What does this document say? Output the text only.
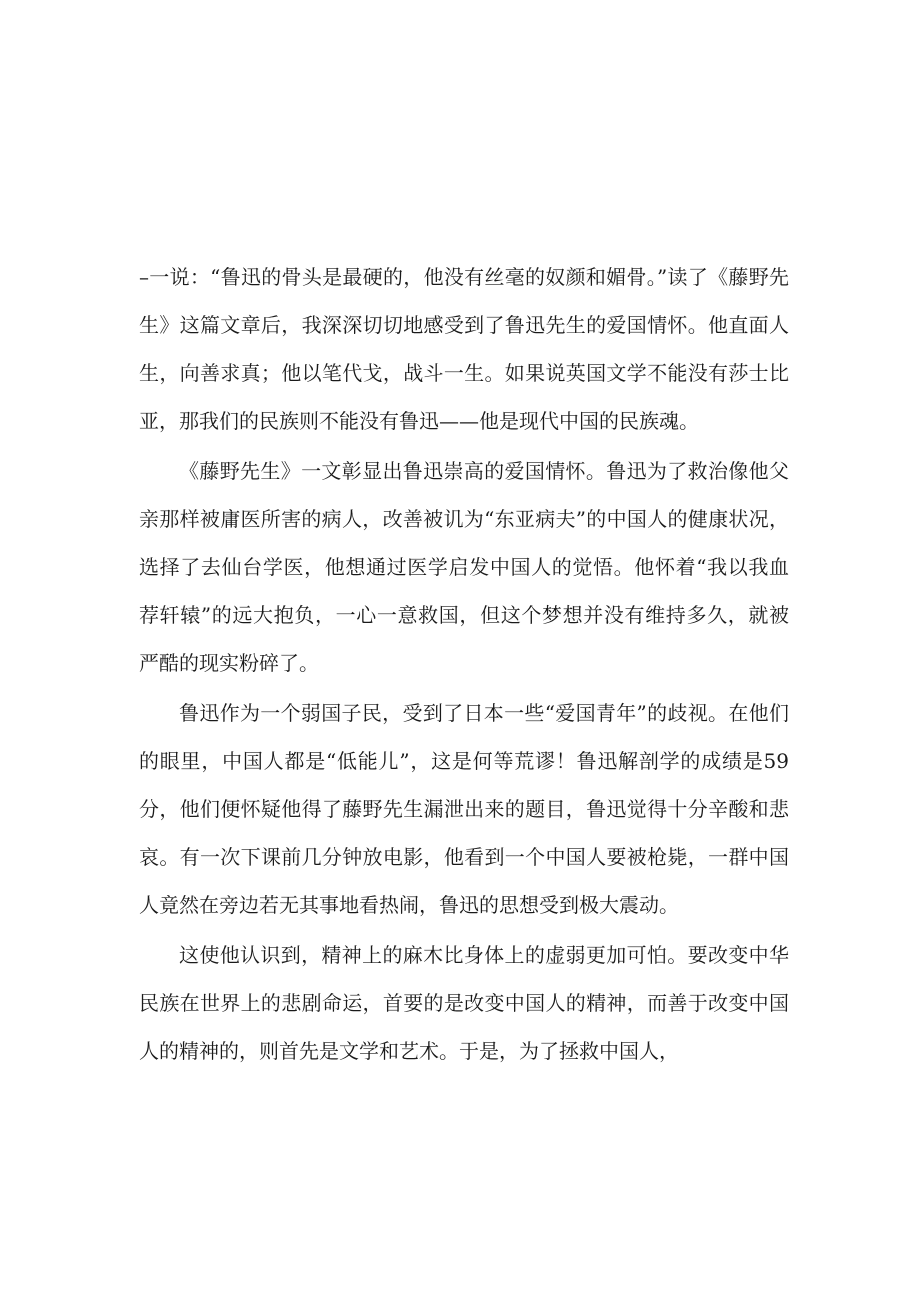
–一说：“鲁迅的骨头是最硬的，他没有丝毫的奴颜和媚骨。”读了《藤野先生》这篇文章后，我深深切切地感受到了鲁迅先生的爱国情怀。他直面人生，向善求真；他以笔代戈，战斗一生。如果说英国文学不能没有莎士比亚，那我们的民族则不能没有鲁迅——他是现代中国的民族魂。

《藤野先生》一文彰显出鲁迅崇高的爱国情怀。鲁迅为了救治像他父亲那样被庸医所害的病人，改善被讥为“东亚病夫”的中国人的健康状况，选择了去仙台学医，他想通过医学启发中国人的觉悟。他怀着“我以我血荐轩辕”的远大抱负，一心一意救国，但这个梦想并没有维持多久，就被严酷的现实粉碎了。

鲁迅作为一个弱国子民，受到了日本一些“爱国青年”的歧视。在他们的眼里，中国人都是“低能儿”，这是何等荒谬！鲁迅解剖学的成绩是59分，他们便怀疑他得了藤野先生漏泄出来的题目，鲁迅觉得十分辛酸和悲哀。有一次下课前几分钟放电影，他看到一个中国人要被枪毙，一群中国人竟然在旁边若无其事地看热闹，鲁迅的思想受到极大震动。

这使他认识到，精神上的麻木比身体上的虚弱更加可怕。要改变中华民族在世界上的悲剧命运，首要的是改变中国人的精神，而善于改变中国人的精神的，则首先是文学和艺术。于是，为了拯救中国人，
